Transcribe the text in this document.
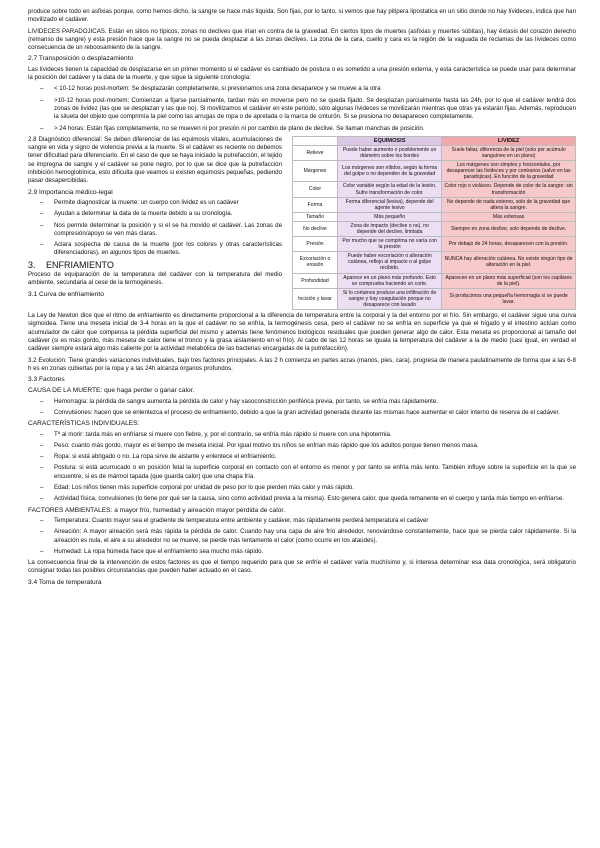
produce sobre todo en asfixias porque, como hemos dicho, la sangre se hace más líquida. Son fijas, por lo tanto, si vemos que hay pitipera lipostatica en un sitio donde no hay lívideces, indica que han movilizado el cadáver.

LIVIDECES PARADOJICAS. Están en sitios no típicos, zonas no declives que irían en contra de la gravedad. En ciertos tipos de muertes (asfixias y muertes súbitas), hay éxtasis del corazón derecho (remanso de sangre) y esta presión hace que la sangre no se pueda desplazar a las zonas declives. La zona de la cara, cuello y cara es la región de la vaguada de reclamas de las lívideces como consecuencia de un reboosamiento de la sangre.

2.7 Transposición o desplazamiento

Las lívideces tienen la capacidad de desplazarse en un primer momento si el cadáver es cambiado de postura o es sometido a una presión externa, y esta característica se puede usar para determinar la posición del cadáver y la data de la muerte, y que sigue la siguiente cronología:

– < 10-12 horas post-mortem: Se desplazarán completamente, si presionamos una zona desaparece y se mueve a la otra
– >10-12 horas post-mortem: Comienzan a fijarse parcialmente, tardan más en moverse pero no se queda fijado. Se desplazan parcialmente hasta las 24h, por lo que el cadáver tendrá dos zonas de lividez (las que se desplazan y las que no). Si movilizamos el cadáver en este periodo, sólo algunas lívideces se movilizarán mientras que otras ya estarán fijas. Además, reproducen la silueta del objeto que comprimía la piel como las arrugas de ropa o de apretada o la marca de cinturón. Si se presiona no desaparecen completamente.
– > 24 horas: Están fijas completamente, no se mueven ni por presión ni por cambio de plano de declive. Se llaman manchas de posición.

2.8 Diagnóstico diferencial: Se deben diferenciar de las equimosis vitales, acumulaciones de sangre en vida y signo de violencia previa a la muerte. Si el cadáver es reciente no debemos tener dificultad para diferenciarlo. En el caso de que se haya iniciado la putrefacción, el tejido se impregna de sangre y el cadáver se pone negro, por lo que se dice que la putrefacción inhibición hemoglobínica, esto dificulta que veamos si existen equimosis pequeñas, pediendo pasar desapercibidas.

2.9 Importancia médico-legal
– Permite diagnosticar la muerte: un cuerpo con lividez es un cadáver
– Ayudan a determinar la data de la muerte debido a su cronología.
– Nos permite determinar la posición y si el se ha movido el cadáver. Las zonas de compresión/apoyo se ven más claras.
– Aclara sospecha de causa de la muerte (por los colores y otras características diferenciadoras), en algunos tipos de muertes.
3. ENFRIAMIENTO

Proceso de equiparación de la temperatura del cadáver con la temperatura del medio ambiente, secundaria al cese de la termogénesis.

3.1 Curva de enfriamiento
	EQUIMOSIS	LIVIDEZ
Relieve	Puede haber aumento o posiblemente un diámetro sobre los bordes	Suele faltar, diferencia de la piel (solo por acúmulo sanguíneo en un plano)
Márgenes	Los márgenes son nítidos, según la forma del golpe o no dependen de la gravedad	Los márgenes son simples y horizontales, por desaparecer las lívideces y por contrarios (salvo en las paradojicas). En función de la gravedad
Color	Color variable según la edad de la lesión. Sufre transformación de color.	Color rojo o violáceo. Depende de color de la sangre: sin transformación
Forma	Forma diferencial (lesiva), depende del agente lesivo	No depende de nada externo, solo de la gravedad que altera la sangre.
Tamaño	Más pequeño	Más extensas
No declive	Zona de impacto (declive o no), no depende del declive, limitada	Siempre en zona declive, solo depende de declive.
Presión	Por mucho que se comprima no varía con la presión	Por debajo de 24 horas, desaparecen con la presión.
Excoriación o erosión	Puede haber excoriación o alteración cutánea, reflejo al impacto o al golpe recibido.	NUNCA hay alteración cutánea. No existe ningún tipo de alteración en la piel.
Profundidad	Aparece en un plano más profundo. Esto se comprueba haciendo un corte.	Aparecen en un plano más superficial (son los capilares de la piel).
Incisión y lavar	Si lo cortamos produce una infiltración de sangre y hay coagulación porque no desaparece con lavado	Si producimos una pequeña hemorragia sí se puede lavar.

La Ley de Newton dice que el ritmo de enfriamiento es directamente proporcional a la diferencia de temperatura entre la corporal y la del entorno por el frío. Sin embargo, el cadáver sigue una curva sigmoidea. Tiene una meseta inicial de 3-4 horas en la que el cadáver no se enfría, la termogénesis cesa, pero el cadáver no se enfría en superficie ya que el hígado y el intestino actúan como acumulador de calor que compensa la pérdida superficial del mismo y además tiene fenómenos biológicos residuales que pueden generar algo de calor. Esta meseta es proporcional al tamaño del cadáver (si es más gordo, más meseta de calor tiene el tronco y la grasa aislamiento en el frío). Al cabo de las 12 horas se iguala la temperatura del cadáver a la de medio (casi igual, en verdad el cadáver siempre estará algo más caliente por la actividad metabólica de las bacterias encargadas de la putrefacción).

3.2 Evolución: Tiene grandes variaciones individuales, bajo tres factores principales. A las 2 h comienza en partes acras (manos, pies, cara), progresa de manera paulatinamente de forma que a las 6-8 h es en zonas cubiertas por la ropa y a las 24h alcanza órganos profundos.

3.3 Factores
CAUSA DE LA MUERTE: que haga perder o ganar calor.
– Hemorragia: la pérdida de sangre aumenta la pérdida de calor y hay vasoconstricción periférica previa, por tanto, se enfría más rápidamente.
– Convulsiones: hacen que se enlentezca el proceso de enfriamiento, debido a que la gran actividad generada durante las mismas hace aumentar el calor interno de reserva de el cadáver.
CARACTERÍSTICAS INDIVIDUALES:
– Tª al morir: tarda más en enfriarse si muere con fiebre, y, por el contrario, se enfría más rápido si muere con una hipotermia.
– Peso: cuanto más gordo, mayor es el tiempo de meseta inicial. Por igual motivo los niños se enfrían más rápido que los adultos porque tienen menos masa.
– Ropa: si está abrigado o no. La ropa sirve de aislante y enlentece el enfriamiento.
– Postura: si está acurrucado o en posición fetal la superficie corporal en contacto con el entorno es menor y por tanto se enfría más lento. También influye sobre la superficie en la que se encuentre, si es de mármol tapada (que guarda calor) que una chapa fría.
– Edad: Los niños tienen más superficie corporal por unidad de peso por lo que pierden más calor y más rápido.
– Actividad física, convulsiones (lo tiene por qué ser la causa, sino como actividad previa a la misma). Esto genera calor, que queda remanente en el cuerpo y tarda más tiempo en enfriarse.
FACTORES AMBIENTALES: a mayor frío, humedad y aireación mayor pérdida de calor.
– Temperatura: Cuanto mayor sea el gradiente de temperatura entre ambiente y cadáver, más rápidamente perderá temperatura el cadáver
– Aireación: A mayor aireación será más rápida la pérdida de calor. Cuando hay una capa de aire frío alrededor, renovándose constantemente, hace que se pierda calor rápidamente. Si la aireación es nula, el aire a su alrededor no se mueve, se pierde más lentamente el calor (como ocurre en los ataúdes).
– Humedad: La ropa húmeda hace que el enfriamiento sea mucho más rápido.

La consecuencia final de la intervención de estos factores es que el tiempo requerido para que se enfríe el cadáver varía muchísimo y, si interesa determinar esa data cronológica, será obligatorio consignar todas las posibles circunstancias que pueden haber actuado en el caso.

3.4 Toma de temperatura
